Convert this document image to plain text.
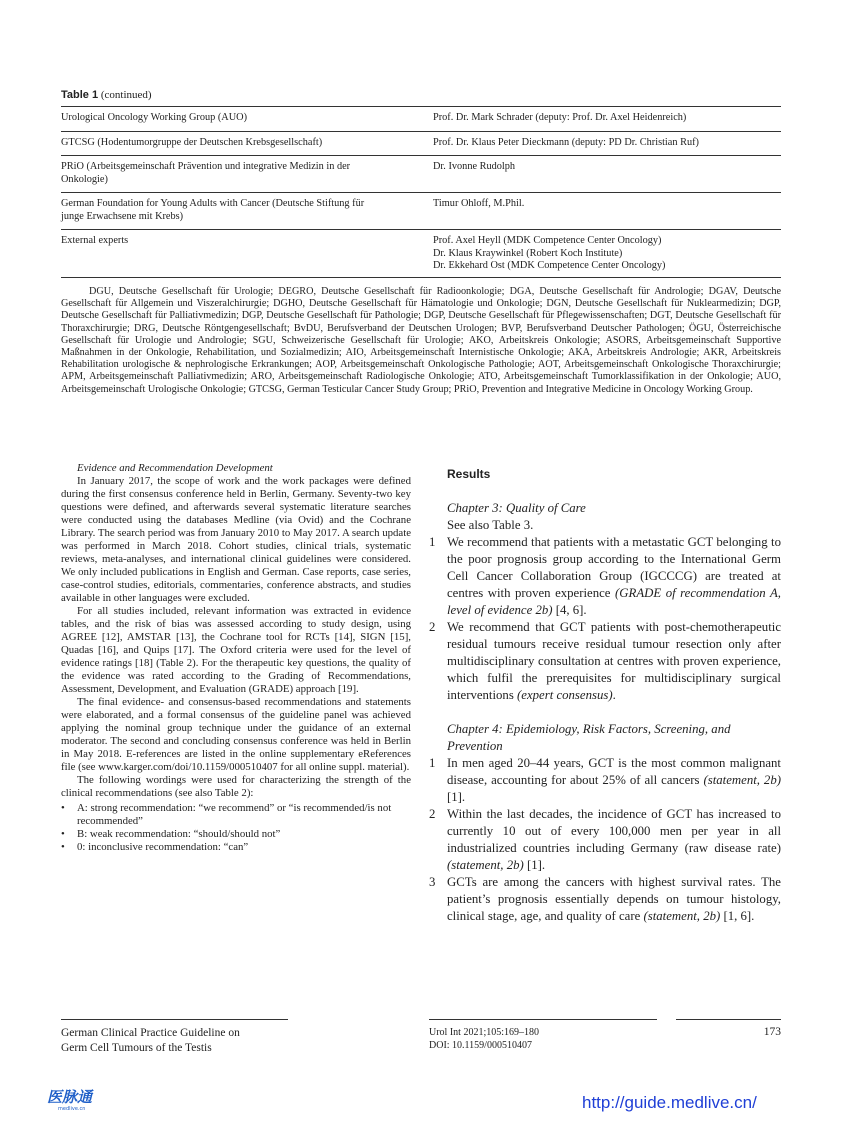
Table 1 (continued)
Urological Oncology Working Group (AUO)	Prof. Dr. Mark Schrader (deputy: Prof. Dr. Axel Heidenreich)

GTCSG (Hodentumorgruppe der Deutschen Krebsgesellschaft)	Prof. Dr. Klaus Peter Dieckmann (deputy: PD Dr. Christian Ruf)

PRiO (Arbeitsgemeinschaft Prävention und integrative Medizin in der
Onkologie)	Dr. Ivonne Rudolph

German Foundation for Young Adults with Cancer (Deutsche Stiftung für
junge Erwachsene mit Krebs)	Timur Ohloff, M.Phil.

External experts	Prof. Axel Heyll (MDK Competence Center Oncology)
Dr. Klaus Kraywinkel (Robert Koch Institute)
Dr. Ekkehard Ost (MDK Competence Center Oncology)
DGU, Deutsche Gesellschaft für Urologie; DEGRO, Deutsche Gesellschaft für Radioonkologie; DGA, Deutsche Gesellschaft für Andrologie; DGAV, Deutsche Gesellschaft für Allgemein und Viszeralchirurgie; DGHO, Deutsche Gesellschaft für Hämatologie und Onkologie; DGN, Deutsche Gesellschaft für Nuklearmedizin; DGP, Deutsche Gesellschaft für Palliativmedizin; DGP, Deutsche Gesellschaft für Pathologie; DGP, Deutsche Gesellschaft für Pflegewissenschaften; DGT, Deutsche Gesellschaft für Thoraxchirurgie; DRG, Deutsche Röntgengesellschaft; BvDU, Berufsverband der Deutschen Urologen; BVP, Berufsverband Deutscher Pathologen; ÖGU, Österreichische Gesellschaft für Urologie und Andrologie; SGU, Schweizerische Gesellschaft für Urologie; AKO, Arbeitskreis Onkologie; ASORS, Arbeitsgemeinschaft Supportive Maßnahmen in der Onkologie, Rehabilitation, und Sozialmedizin; AIO, Arbeitsgemeinschaft Internistische Onkologie; AKA, Arbeitskreis Andrologie; AKR, Arbeitskreis Rehabilitation urologische & nephrologische Erkrankungen; AOP, Arbeitsgemeinschaft Onkologische Pathologie; AOT, Arbeitsgemeinschaft Onkologische Thoraxchirurgie; APM, Arbeitsgemeinschaft Palliativmedizin; ARO, Arbeitsgemeinschaft Radiologische Onkologie; ATO, Arbeitsgemeinschaft Tumorklassifikation in der Onkologie; AUO, Arbeitsgemeinschaft Urologische Onkologie; GTCSG, German Testicular Cancer Study Group; PRiO, Prevention and Integrative Medicine in Oncology Working Group.

Evidence and Recommendation Development

In January 2017, the scope of work and the work packages were defined during the first consensus conference held in Berlin, Germany. Seventy-two key questions were defined, and afterwards several systematic literature searches were conducted using the databases Medline (via Ovid) and the Cochrane Library. The search period was from January 2010 to May 2017. A search update was performed in March 2018. Cohort studies, clinical trials, systematic reviews, meta-analyses, and international clinical guidelines were considered. We only included publications in English and German. Case reports, case series, case-control studies, editorials, commentaries, conference abstracts, and studies available in other languages were excluded.

For all studies included, relevant information was extracted in evidence tables, and the risk of bias was assessed according to study design, using AGREE [12], AMSTAR [13], the Cochrane tool for RCTs [14], SIGN [15], Quadas [16], and Quips [17]. The Oxford criteria were used for the level of evidence ratings [18] (Table 2). For the therapeutic key questions, the quality of the evidence was rated according to the Grading of Recommendations, Assessment, Development, and Evaluation (GRADE) approach [19].

The final evidence- and consensus-based recommendations and statements were elaborated, and a formal consensus of the guideline panel was achieved applying the nominal group technique under the guidance of an external moderator. The second and concluding consensus conference was held in Berlin in May 2018. E-references are listed in the online supplementary eReferences file (see www.karger.com/doi/10.1159/000510407 for all online suppl. material).

The following wordings were used for characterizing the strength of the clinical recommendations (see also Table 2):

• A: strong recommendation: “we recommend” or “is recommended/is not recommended”
• B: weak recommendation: “should/should not”
• 0: inconclusive recommendation: “can”

Results

Chapter 3: Quality of Care

See also Table 3.

1 We recommend that patients with a metastatic GCT belonging to the poor prognosis group according to the International Germ Cell Cancer Collaboration Group (IGCCCG) are treated at centres with proven experience (GRADE of recommendation A, level of evidence 2b) [4, 6].
2 We recommend that GCT patients with post-chemotherapeutic residual tumours receive residual tumour resection only after multidisciplinary consultation at centres with proven experience, which fulfil the prerequisites for multidisciplinary surgical interventions (expert consensus).

Chapter 4: Epidemiology, Risk Factors, Screening, and Prevention

1 In men aged 20–44 years, GCT is the most common malignant disease, accounting for about 25% of all cancers (statement, 2b) [1].
2 Within the last decades, the incidence of GCT has increased to currently 10 out of every 100,000 men per year in all industrialized countries including Germany (raw disease rate) (statement, 2b) [1].
3 GCTs are among the cancers with highest survival rates. The patient’s prognosis essentially depends on tumour histology, clinical stage, age, and quality of care (statement, 2b) [1, 6].
German Clinical Practice Guideline on
Germ Cell Tumours of the Testis
Urol Int 2021;105:169–180
DOI: 10.1159/000510407
173
医脉通
medlive.cn	http://guide.medlive.cn/
